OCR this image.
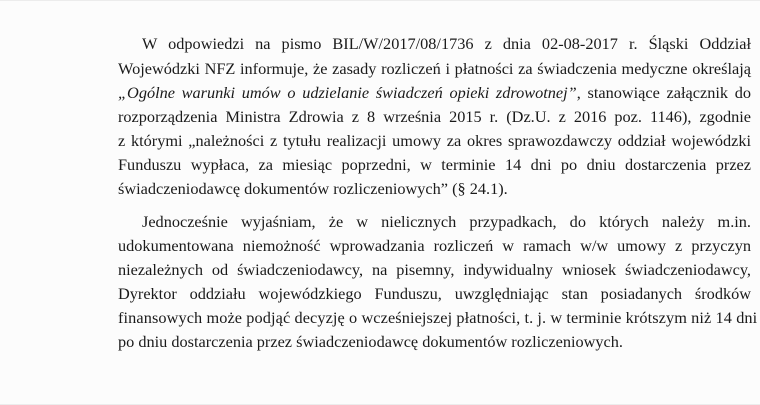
W odpowiedzi na pismo BIL/W/2017/08/1736 z dnia 02-08-2017 r. Śląski Oddział
Wojewódzki NFZ informuje, że zasady rozliczeń i płatności za świadczenia medyczne określają
„Ogólne warunki umów o udzielanie świadczeń opieki zdrowotnej”, stanowiące załącznik do
rozporządzenia Ministra Zdrowia z 8 września 2015 r. (Dz.U. z 2016 poz. 1146), zgodnie
z którymi „należności z tytułu realizacji umowy za okres sprawozdawczy oddział wojewódzki
Funduszu wypłaca, za miesiąc poprzedni, w terminie 14 dni po dniu dostarczenia przez
świadczeniodawcę dokumentów rozliczeniowych” (§ 24.1).
Jednocześnie wyjaśniam, że w nielicznych przypadkach, do których należy m.in.
udokumentowana niemożność wprowadzania rozliczeń w ramach w/w umowy z przyczyn
niezależnych od świadczeniodawcy, na pisemny, indywidualny wniosek świadczeniodawcy,
Dyrektor oddziału wojewódzkiego Funduszu, uwzględniając stan posiadanych środków
finansowych może podjąć decyzję o wcześniejszej płatności, t. j. w terminie krótszym niż 14 dni
po dniu dostarczenia przez świadczeniodawcę dokumentów rozliczeniowych.
